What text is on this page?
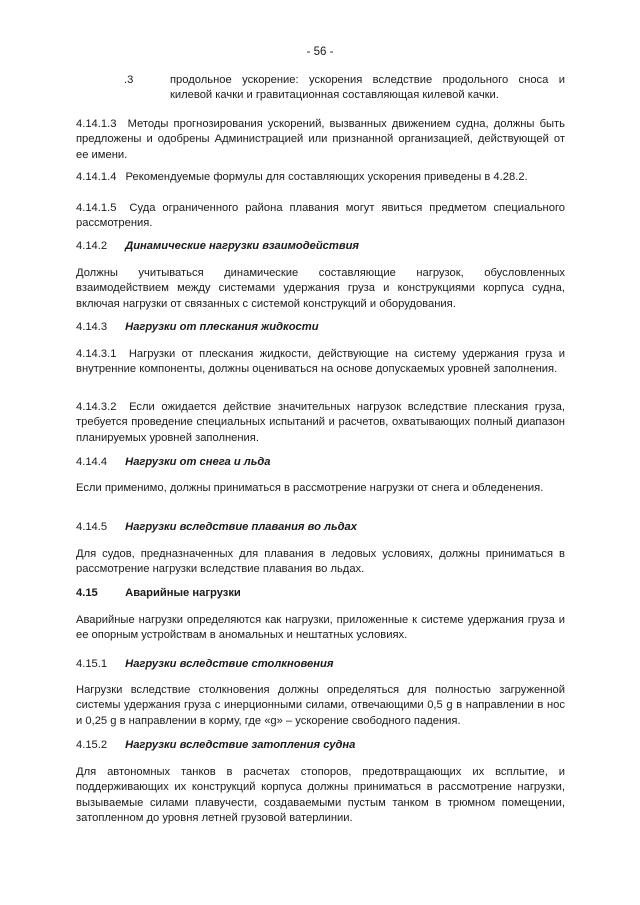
- 56 -
.3	продольное ускорение: ускорения вследствие продольного сноса и килевой качки и гравитационная составляющая килевой качки.
4.14.1.3 Методы прогнозирования ускорений, вызванных движением судна, должны быть предложены и одобрены Администрацией или признанной организацией, действующей от ее имени.
4.14.1.4 Рекомендуемые формулы для составляющих ускорения приведены в 4.28.2.
4.14.1.5 Суда ограниченного района плавания могут явиться предметом специального рассмотрения.
4.14.2 Динамические нагрузки взаимодействия
Должны учитываться динамические составляющие нагрузок, обусловленных взаимодействием между системами удержания груза и конструкциями корпуса судна, включая нагрузки от связанных с системой конструкций и оборудования.
4.14.3 Нагрузки от плескания жидкости
4.14.3.1 Нагрузки от плескания жидкости, действующие на систему удержания груза и внутренние компоненты, должны оцениваться на основе допускаемых уровней заполнения.
4.14.3.2 Если ожидается действие значительных нагрузок вследствие плескания груза, требуется проведение специальных испытаний и расчетов, охватывающих полный диапазон планируемых уровней заполнения.
4.14.4 Нагрузки от снега и льда
Если применимо, должны приниматься в рассмотрение нагрузки от снега и обледенения.
4.14.5 Нагрузки вследствие плавания во льдах
Для судов, предназначенных для плавания в ледовых условиях, должны приниматься в рассмотрение нагрузки вследствие плавания во льдах.
4.15 Аварийные нагрузки
Аварийные нагрузки определяются как нагрузки, приложенные к системе удержания груза и ее опорным устройствам в аномальных и нештатных условиях.
4.15.1 Нагрузки вследствие столкновения
Нагрузки вследствие столкновения должны определяться для полностью загруженной системы удержания груза с инерционными силами, отвечающими 0,5 g в направлении в нос и 0,25 g в направлении в корму, где «g» – ускорение свободного падения.
4.15.2 Нагрузки вследствие затопления судна
Для автономных танков в расчетах стопоров, предотвращающих их всплытие, и поддерживающих их конструкций корпуса должны приниматься в рассмотрение нагрузки, вызываемые силами плавучести, создаваемыми пустым танком в трюмном помещении, затопленном до уровня летней грузовой ватерлинии.
